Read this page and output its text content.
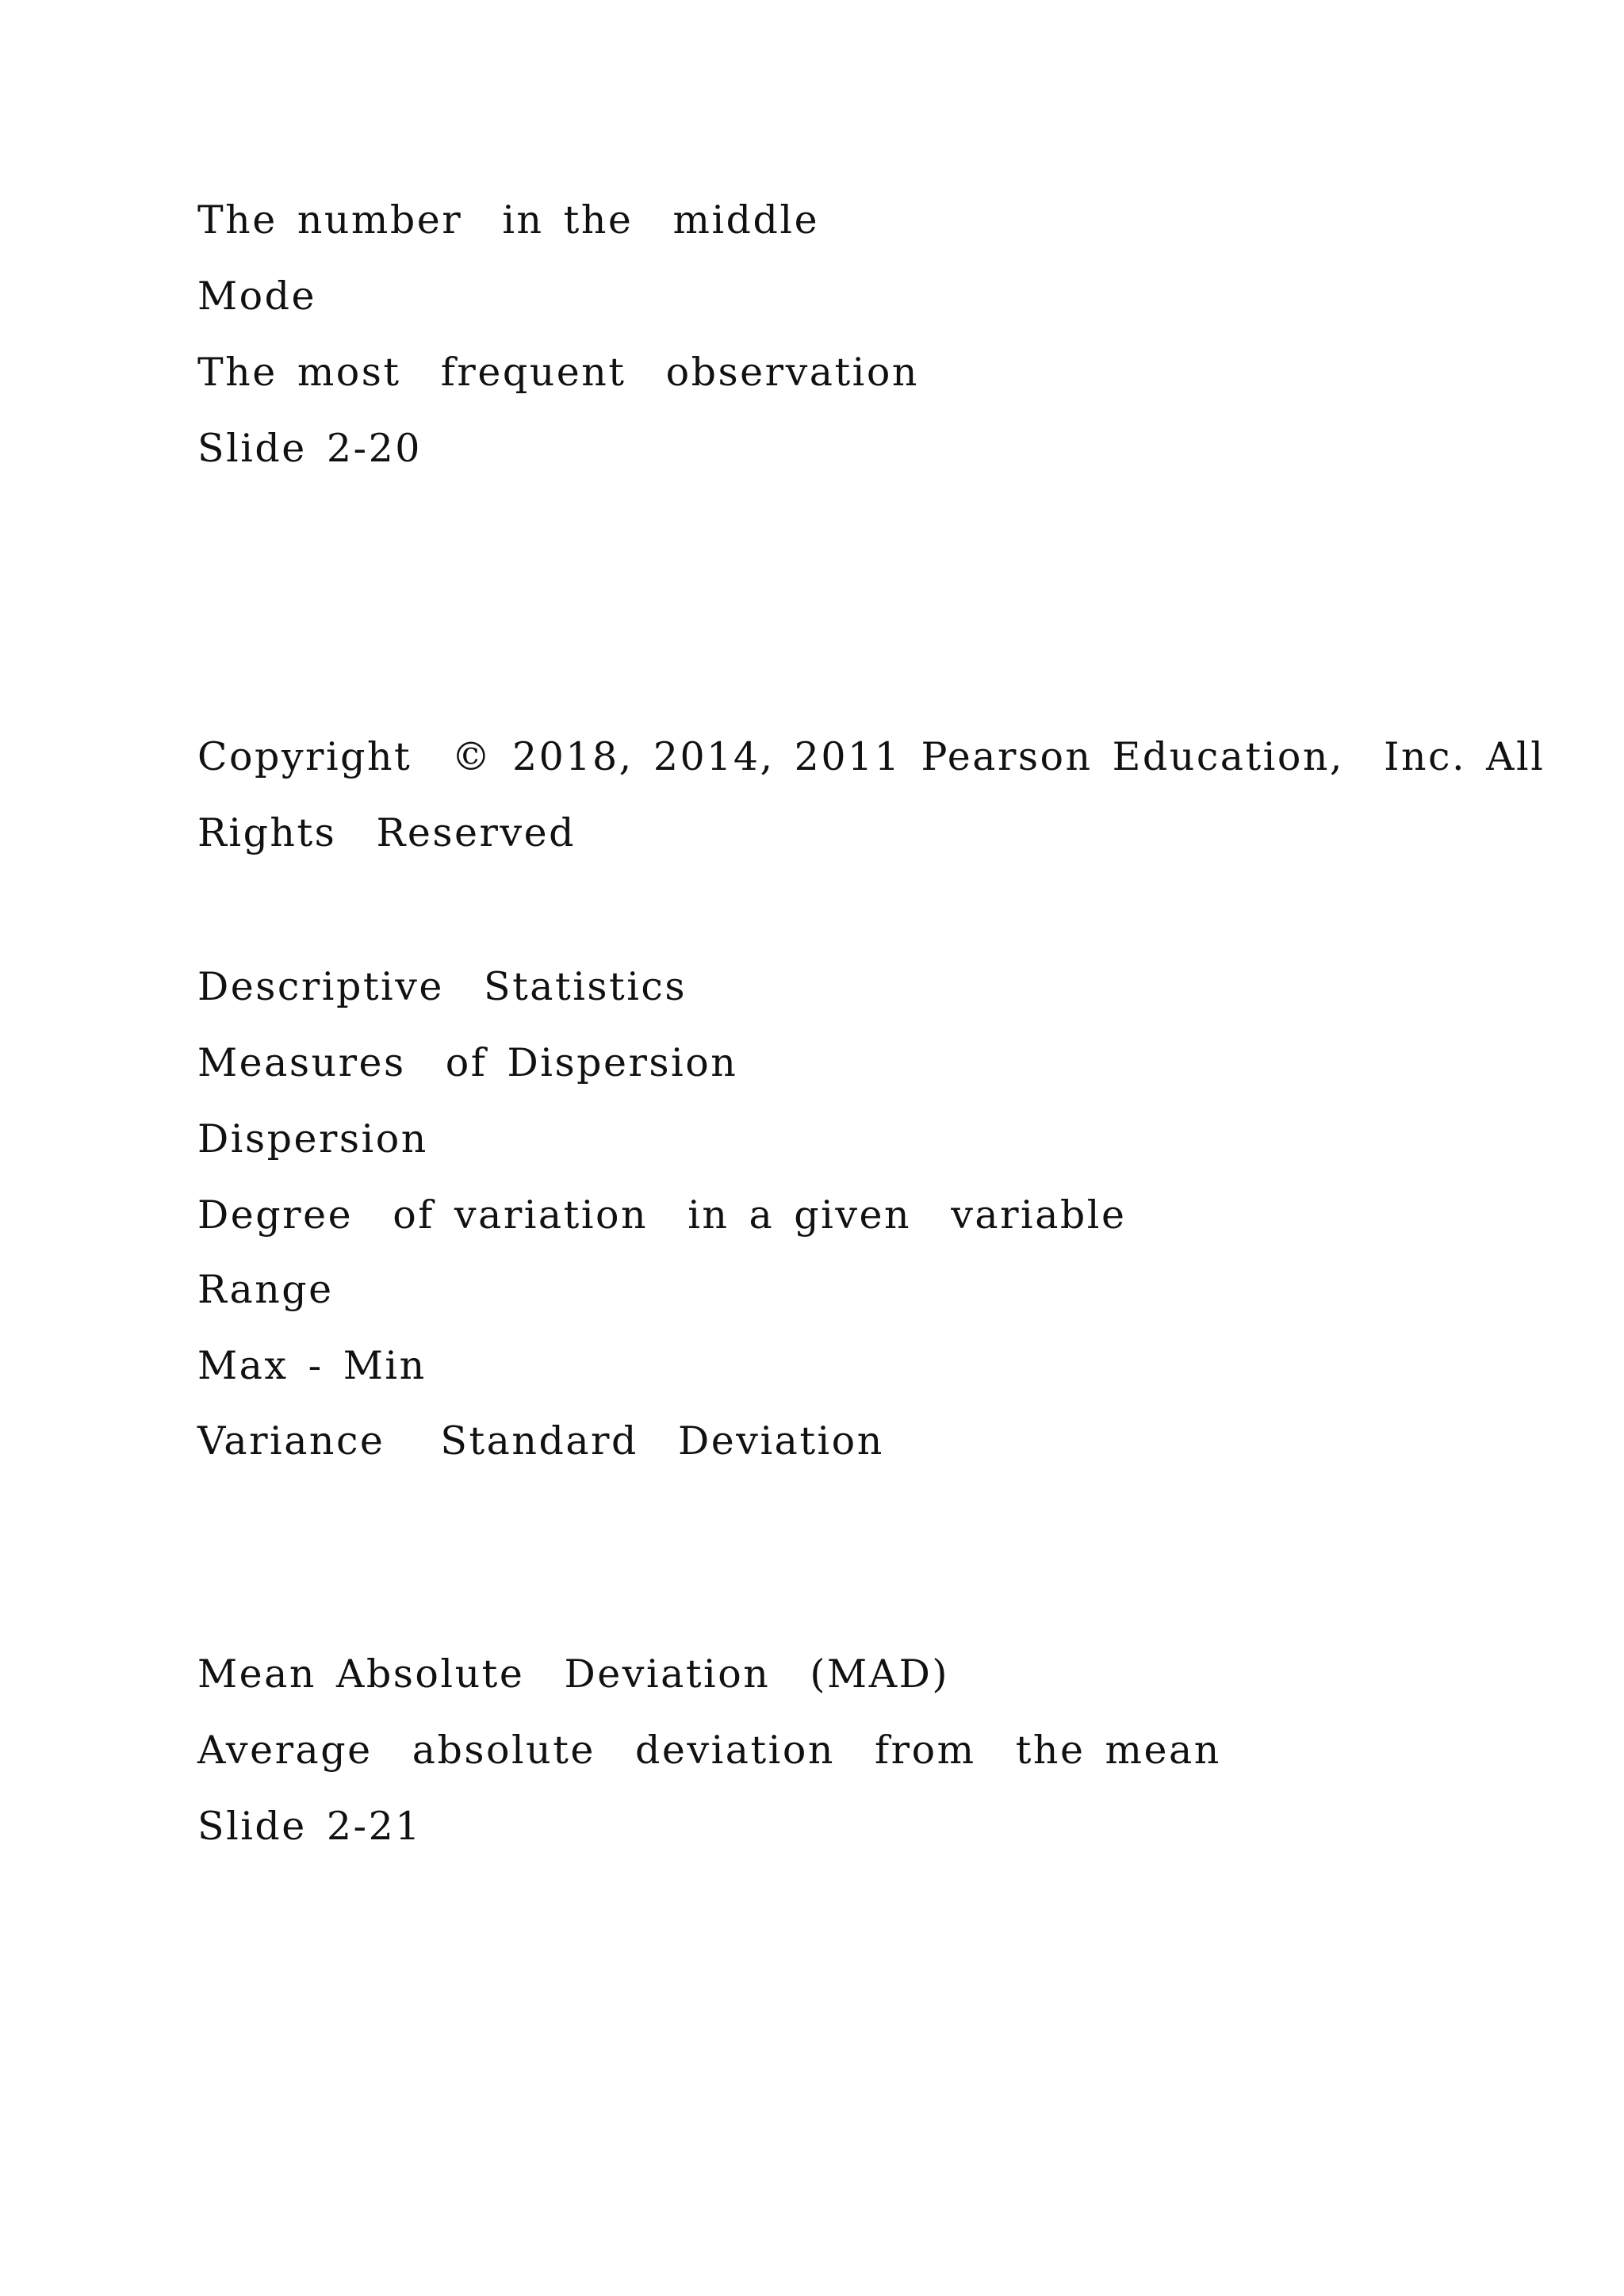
The number  in the  middle

Mode

The most  frequent  observation

Slide 2-20

Copyright  © 2018, 2014, 2011 Pearson Education,  Inc. All

Rights  Reserved

Descriptive  Statistics

Measures  of Dispersion

Dispersion

Degree  of variation  in a given  variable

Range

Max - Min

Variance Standard  Deviation

Mean Absolute  Deviation  (MAD)

Average  absolute  deviation  from  the mean

Slide 2-21
